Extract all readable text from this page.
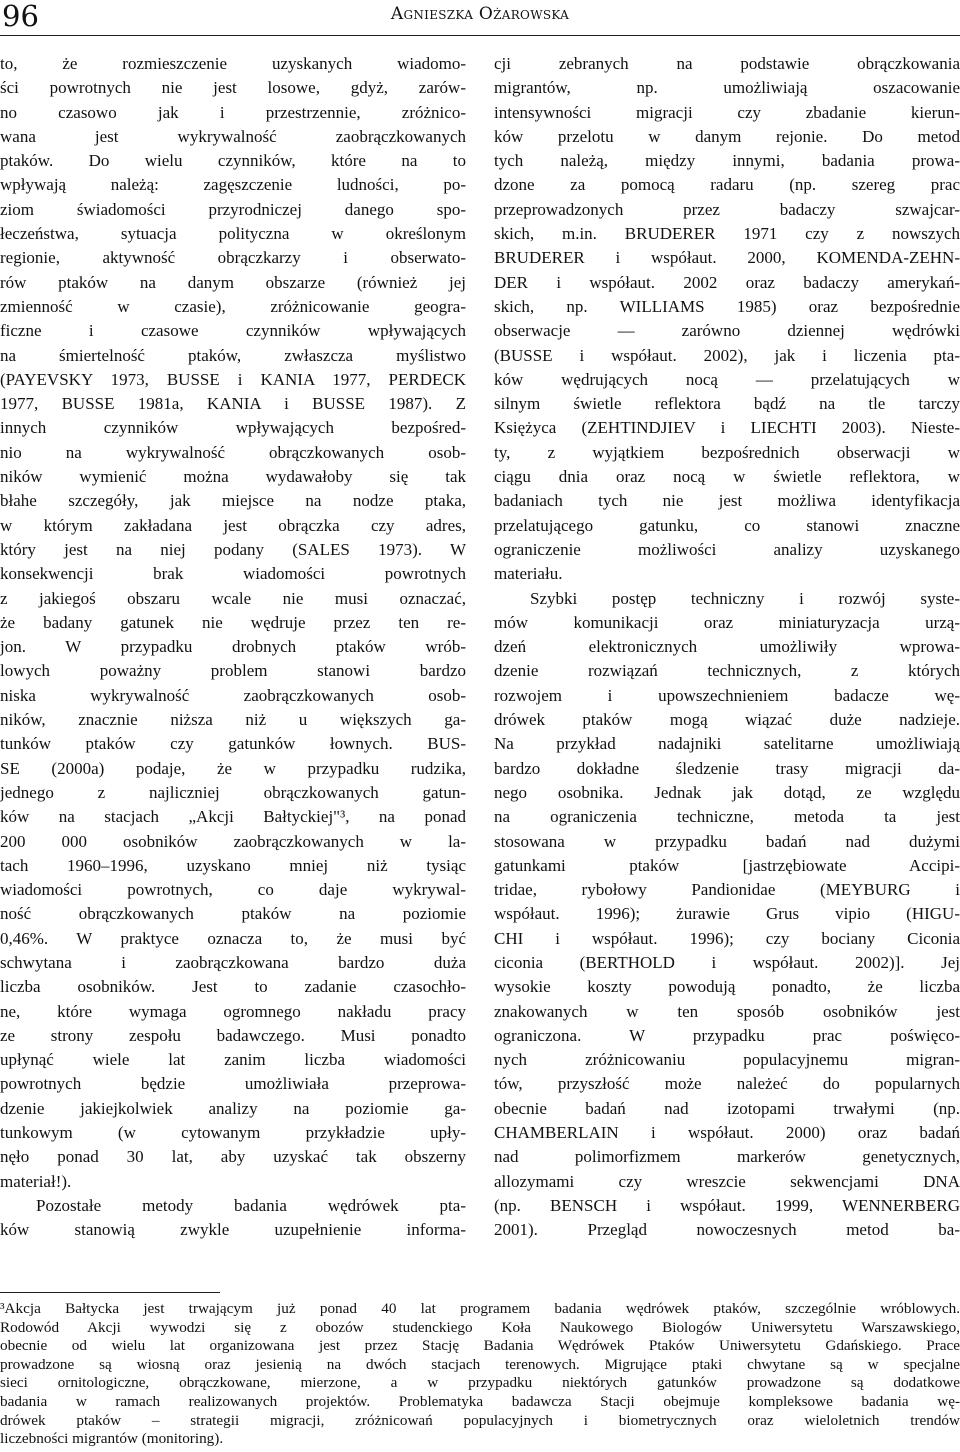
96	Agnieszka Ożarowska
to, że rozmieszczenie uzyskanych wiadomo-
ści powrotnych nie jest losowe, gdyż, zarów-
no czasowo jak i przestrzennie, zróżnico-
wana jest wykrywalność zaobrączkowanych
ptaków. Do wielu czynników, które na to
wpływają należą: zagęszczenie ludności, po-
ziom świadomości przyrodniczej danego spo-
łeczeństwa, sytuacja polityczna w określonym
regionie, aktywność obrączkarzy i obserwato-
rów ptaków na danym obszarze (również jej
zmienność w czasie), zróżnicowanie geogra-
ficzne i czasowe czynników wpływających
na śmiertelność ptaków, zwłaszcza myślistwo
(PAYEVSKY 1973, BUSSE i KANIA 1977, PERDECK
1977, BUSSE 1981a, KANIA i BUSSE 1987). Z
innych czynników wpływających bezpośred-
nio na wykrywalność obrączkowanych osob-
ników wymienić można wydawałoby się tak
błahe szczegóły, jak miejsce na nodze ptaka,
w którym zakładana jest obrączka czy adres,
który jest na niej podany (SALES 1973). W
konsekwencji brak wiadomości powrotnych
z jakiegoś obszaru wcale nie musi oznaczać,
że badany gatunek nie wędruje przez ten re-
jon. W przypadku drobnych ptaków wrób-
lowych poważny problem stanowi bardzo
niska wykrywalność zaobrączkowanych osob-
ników, znacznie niższa niż u większych ga-
tunków ptaków czy gatunków łownych. BUS-
SE (2000a) podaje, że w przypadku rudzika,
jednego z najliczniej obrączkowanych gatun-
ków na stacjach „Akcji Bałtyckiej"³, na ponad
200 000 osobników zaobrączkowanych w la-
tach 1960–1996, uzyskano mniej niż tysiąc
wiadomości powrotnych, co daje wykrywal-
ność obrączkowanych ptaków na poziomie
0,46%. W praktyce oznacza to, że musi być
schwytana i zaobrączkowana bardzo duża
liczba osobników. Jest to zadanie czasochło-
ne, które wymaga ogromnego nakładu pracy
ze strony zespołu badawczego. Musi ponadto
upłynąć wiele lat zanim liczba wiadomości
powrotnych będzie umożliwiała przeprowa-
dzenie jakiejkolwiek analizy na poziomie ga-
tunkowym (w cytowanym przykładzie upły-
nęło ponad 30 lat, aby uzyskać tak obszerny
materiał!).
Pozostałe metody badania wędrówek pta-
ków stanowią zwykle uzupełnienie informa-
cji zebranych na podstawie obrączkowania
migrantów, np. umożliwiają oszacowanie
intensywności migracji czy zbadanie kierun-
ków przelotu w danym rejonie. Do metod
tych należą, między innymi, badania prowa-
dzone za pomocą radaru (np. szereg prac
przeprowadzonych przez badaczy szwajcar-
skich, m.in. BRUDERER 1971 czy z nowszych
BRUDERER i współaut. 2000, KOMENDA-ZEHN-
DER i współaut. 2002 oraz badaczy amerykań-
skich, np. WILLIAMS 1985) oraz bezpośrednie
obserwacje — zarówno dziennej wędrówki
(BUSSE i współaut. 2002), jak i liczenia pta-
ków wędrujących nocą — przelatujących w
silnym świetle reflektora bądź na tle tarczy
Księżyca (ZEHTINDJIEV i LIECHTI 2003). Nieste-
ty, z wyjątkiem bezpośrednich obserwacji w
ciągu dnia oraz nocą w świetle reflektora, w
badaniach tych nie jest możliwa identyfikacja
przelatującego gatunku, co stanowi znaczne
ograniczenie możliwości analizy uzyskanego
materiału.
Szybki postęp techniczny i rozwój syste-
mów komunikacji oraz miniaturyzacja urzą-
dzeń elektronicznych umożliwiły wprowa-
dzenie rozwiązań technicznych, z których
rozwojem i upowszechnieniem badacze wę-
drówek ptaków mogą wiązać duże nadzieje.
Na przykład nadajniki satelitarne umożliwiają
bardzo dokładne śledzenie trasy migracji da-
nego osobnika. Jednak jak dotąd, ze względu
na ograniczenia techniczne, metoda ta jest
stosowana w przypadku badań nad dużymi
gatunkami ptaków [jastrzębiowate Accipi-
tridae, rybołowy Pandionidae (MEYBURG i
współaut. 1996); żurawie Grus vipio (HIGU-
CHI i współaut. 1996); czy bociany Ciconia
ciconia (BERTHOLD i współaut. 2002)]. Jej
wysokie koszty powodują ponadto, że liczba
znakowanych w ten sposób osobników jest
ograniczona. W przypadku prac poświęco-
nych zróżnicowaniu populacyjnemu migran-
tów, przyszłość może należeć do popularnych
obecnie badań nad izotopami trwałymi (np.
CHAMBERLAIN i współaut. 2000) oraz badań
nad polimorfizmem markerów genetycznych,
allozymami czy wreszcie sekwencjami DNA
(np. BENSCH i współaut. 1999, WENNERBERG
2001). Przegląd nowoczesnych metod ba-
³Akcja Bałtycka jest trwającym już ponad 40 lat programem badania wędrówek ptaków, szczególnie wróblowych.
Rodowód Akcji wywodzi się z obozów studenckiego Koła Naukowego Biologów Uniwersytetu Warszawskiego,
obecnie od wielu lat organizowana jest przez Stację Badania Wędrówek Ptaków Uniwersytetu Gdańskiego. Prace
prowadzone są wiosną oraz jesienią na dwóch stacjach terenowych. Migrujące ptaki chwytane są w specjalne
sieci ornitologiczne, obrączkowane, mierzone, a w przypadku niektórych gatunków prowadzone są dodatkowe
badania w ramach realizowanych projektów. Problematyka badawcza Stacji obejmuje kompleksowe badania wę-
drówek ptaków – strategii migracji, zróżnicowań populacyjnych i biometrycznych oraz wieloletnich trendów
liczebności migrantów (monitoring).
